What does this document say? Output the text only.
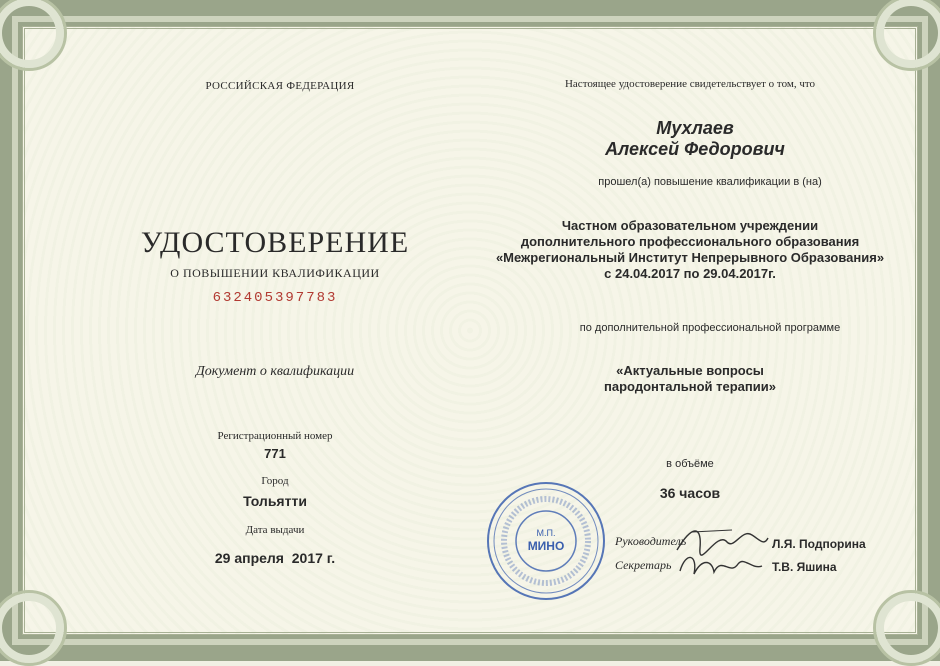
РОССИЙСКАЯ ФЕДЕРАЦИЯ
УДОСТОВЕРЕНИЕ
О ПОВЫШЕНИИ КВАЛИФИКАЦИИ
632405397783
Документ о квалификации
Регистрационный номер
771
Город
Тольятти
Дата выдачи
29 апреля  2017 г.
Настоящее удостоверение свидетельствует о том, что
Мухлаев
Алексей Федорович
прошел(а) повышение квалификации в (на)
Частном образовательном учреждении
дополнительного профессионального образования
«Межрегиональный Институт Непрерывного Образования»
с 24.04.2017 по 29.04.2017г.
по дополнительной профессиональной программе
«Актуальные вопросы
пародонтальной терапии»
в объёме
36 часов
Руководитель
Секретарь
Л.Я. Подпорина
Т.В. Яшина
М.П.
МИНО
